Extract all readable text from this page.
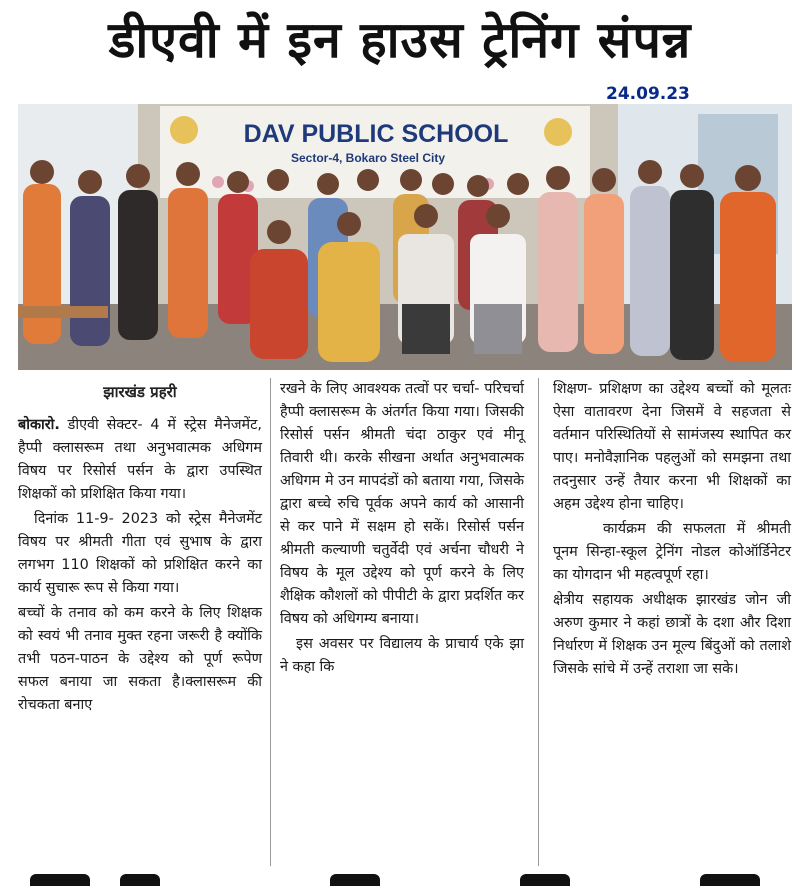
डीएवी में इन हाउस ट्रेनिंग संपन्न
24.09.23
DAV PUBLIC SCHOOL
Sector-4, Bokaro Steel City

झारखंड प्रहरी

बोकारो. डीएवी सेक्टर- 4 में स्ट्रेस मैनेजमेंट, हैप्पी क्लासरूम तथा अनुभवात्मक अधिगम विषय पर रिसोर्स पर्सन के द्वारा उपस्थित शिक्षकों को प्रशिक्षित किया गया।

दिनांक 11-9- 2023 को स्ट्रेस मैनेजमेंट विषय पर श्रीमती गीता एवं सुभाष के द्वारा लगभग 110 शिक्षकों को प्रशिक्षित करने का कार्य सुचारू रूप से किया गया।

बच्चों के तनाव को कम करने के लिए शिक्षक को स्वयं भी तनाव मुक्त रहना जरूरी है क्योंकि तभी पठन-पाठन के उद्देश्य को पूर्ण रूपेण सफल बनाया जा सकता है।क्लासरूम की रोचकता बनाए

रखने के लिए आवश्यक तत्वों पर चर्चा- परिचर्चा हैप्पी क्लासरूम के अंतर्गत किया गया। जिसकी रिसोर्स पर्सन श्रीमती चंदा ठाकुर एवं मीनू तिवारी थी। करके सीखना अर्थात अनुभवात्मक अधिगम मे उन मापदंडों को बताया गया, जिसके द्वारा बच्चे रुचि पूर्वक अपने कार्य को आसानी से कर पाने में सक्षम हो सकें। रिसोर्स पर्सन श्रीमती कल्याणी चतुर्वेदी एवं अर्चना चौधरी ने विषय के मूल उद्देश्य को पूर्ण करने के लिए शैक्षिक कौशलों को पीपीटी के द्वारा प्रदर्शित कर विषय को अधिगम्य बनाया।

इस अवसर पर विद्यालय के प्राचार्य एके झा ने कहा कि

शिक्षण- प्रशिक्षण का उद्देश्य बच्चों को मूलतः ऐसा वातावरण देना जिसमें वे सहजता से वर्तमान परिस्थितियों से सामंजस्य स्थापित कर पाए। मनोवैज्ञानिक पहलुओं को समझना तथा तदनुसार उन्हें तैयार करना भी शिक्षकों का अहम उद्देश्य होना चाहिए।

कार्यक्रम की सफलता में श्रीमती पूनम सिन्हा-स्कूल ट्रेनिंग नोडल कोऑर्डिनेटर का योगदान भी महत्वपूर्ण रहा।

क्षेत्रीय सहायक अधीक्षक झारखंड जोन जी अरुण कुमार ने कहां छात्रों के दशा और दिशा निर्धारण में शिक्षक उन मूल्य बिंदुओं को तलाशे जिसके सांचे में उन्हें तराशा जा सके।
